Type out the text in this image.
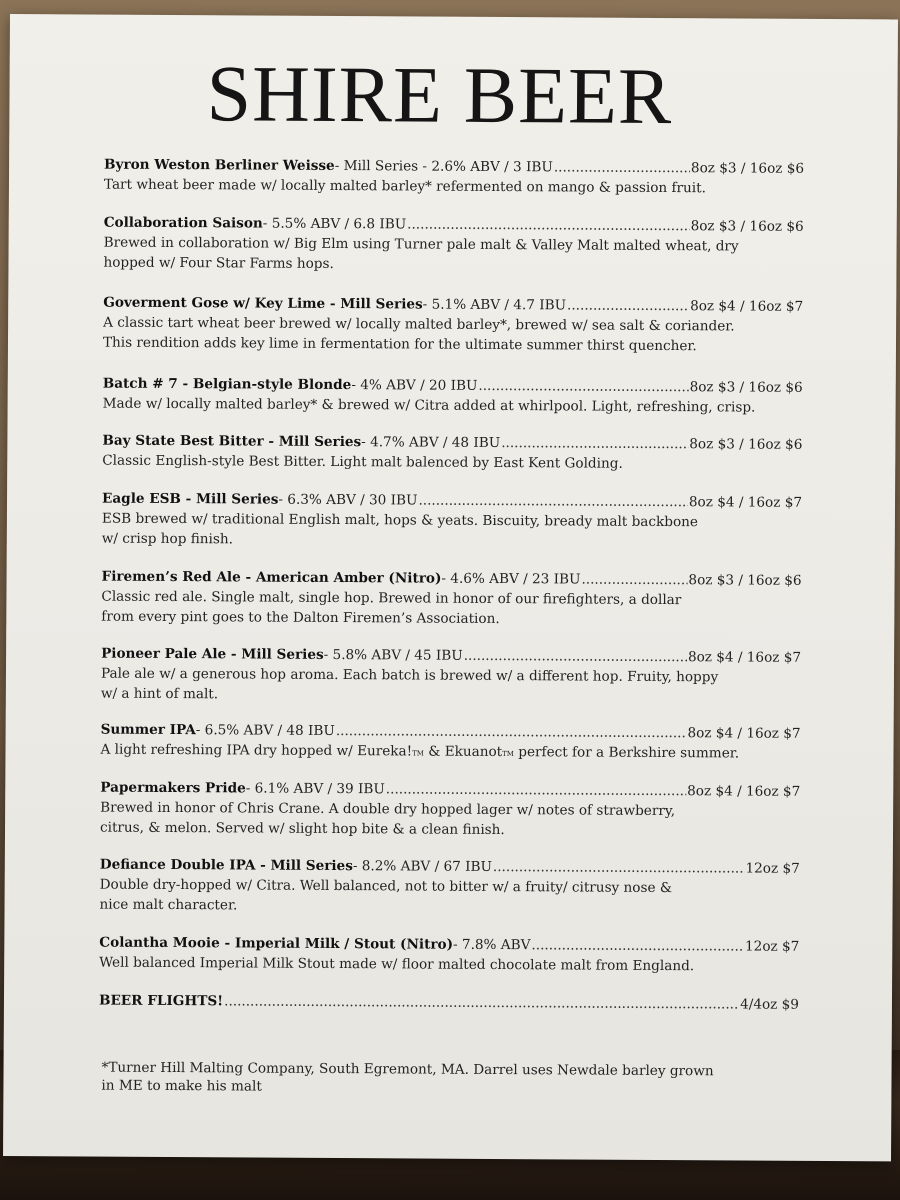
SHIRE BEER
Byron Weston Berliner Weisse - Mill Series - 2.6% ABV / 3 IBU .....	8oz $3 / 16oz $6

Tart wheat beer made w/ locally malted barley* refermented on mango & passion fruit.

Collaboration Saison - 5.5% ABV / 6.8 IBU .....	8oz $3 / 16oz $6

Brewed in collaboration w/ Big Elm using Turner pale malt & Valley Malt malted wheat, dry
hopped w/ Four Star Farms hops.

Goverment Gose w/ Key Lime - Mill Series - 5.1% ABV / 4.7 IBU .....	8oz $4 / 16oz $7

A classic tart wheat beer brewed w/ locally malted barley*, brewed w/ sea salt & coriander.
This rendition adds key lime in fermentation for the ultimate summer thirst quencher.

Batch # 7 - Belgian-style Blonde - 4% ABV / 20 IBU .....	8oz $3 / 16oz $6

Made w/ locally malted barley* & brewed w/ Citra added at whirlpool. Light, refreshing, crisp.

Bay State Best Bitter - Mill Series - 4.7% ABV / 48 IBU .....	8oz $3 / 16oz $6

Classic English-style Best Bitter. Light malt balenced by East Kent Golding.

Eagle ESB - Mill Series - 6.3% ABV / 30 IBU .....	8oz $4 / 16oz $7

ESB brewed w/ traditional English malt, hops & yeats. Biscuity, bready malt backbone
w/ crisp hop finish.

Firemen’s Red Ale - American Amber (Nitro) - 4.6% ABV / 23 IBU .....	8oz $3 / 16oz $6

Classic red ale. Single malt, single hop. Brewed in honor of our firefighters, a dollar
from every pint goes to the Dalton Firemen’s Association.

Pioneer Pale Ale - Mill Series - 5.8% ABV / 45 IBU .....	8oz $4 / 16oz $7

Pale ale w/ a generous hop aroma. Each batch is brewed w/ a different hop. Fruity, hoppy
w/ a hint of malt.

Summer IPA - 6.5% ABV / 48 IBU .....	8oz $4 / 16oz $7

A light refreshing IPA dry hopped w/ Eureka!TM & EkuanotTM perfect for a Berkshire summer.

Papermakers Pride - 6.1% ABV / 39 IBU .....	8oz $4 / 16oz $7

Brewed in honor of Chris Crane. A double dry hopped lager w/ notes of strawberry,
citrus, & melon. Served w/ slight hop bite & a clean finish.

Defiance Double IPA - Mill Series - 8.2% ABV / 67 IBU .....	12oz $7

Double dry-hopped w/ Citra. Well balanced, not to bitter w/ a fruity/ citrusy nose &
nice malt character.

Colantha Mooie - Imperial Milk / Stout (Nitro) - 7.8% ABV .....	12oz $7

Well balanced Imperial Milk Stout made w/ floor malted chocolate malt from England.

BEER FLIGHTS! .....	4/4oz $9
*Turner Hill Malting Company, South Egremont, MA. Darrel uses Newdale barley grown
in ME to make his malt
